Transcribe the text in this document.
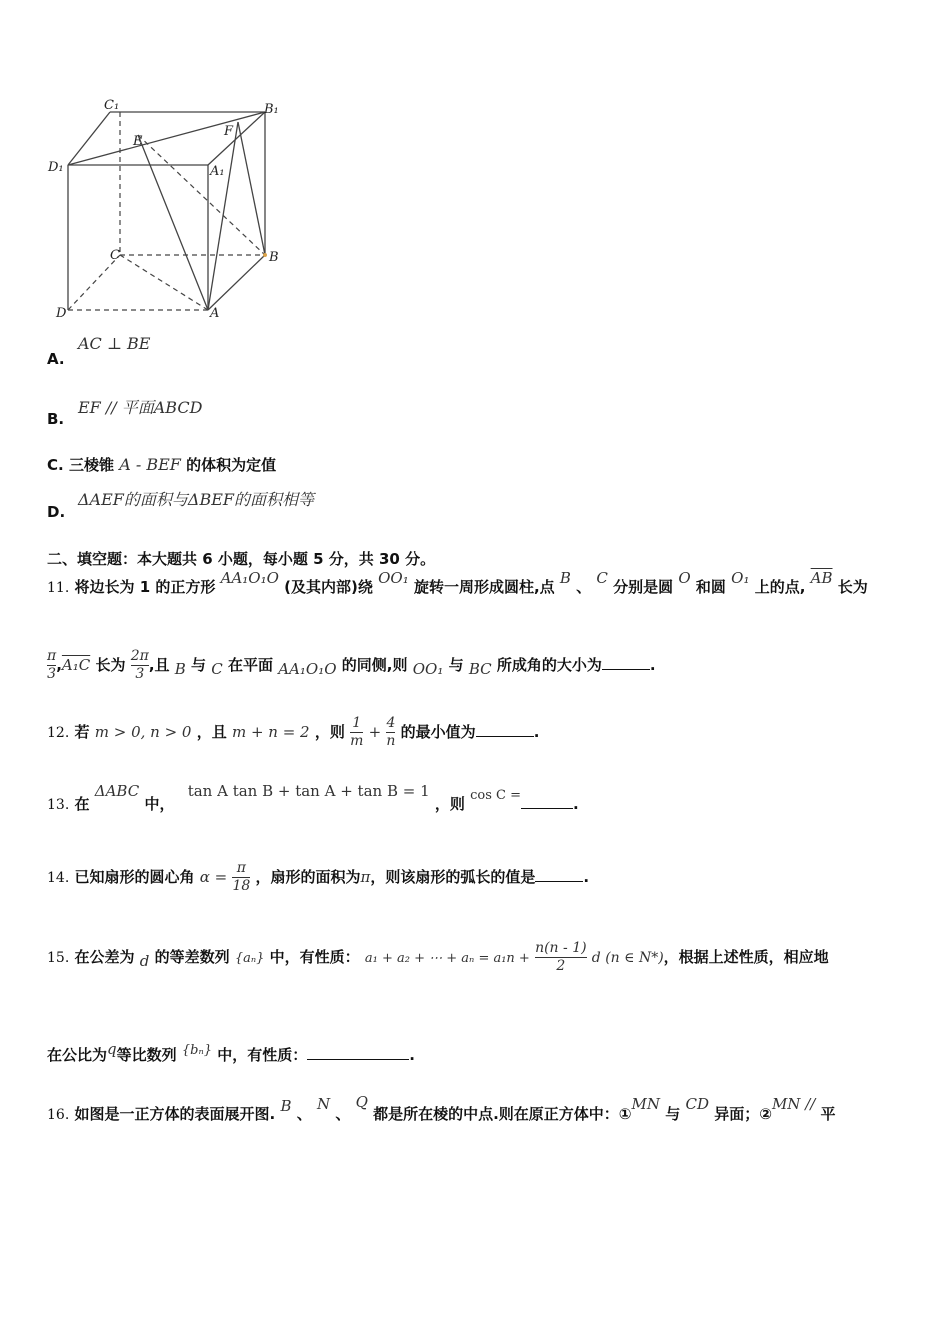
C₁	B₁
D₁	A₁
E
F
C	B
D	A
A.
AC ⊥ BE
B.
EF // 平面ABCD
C. 三棱锥 A - BEF 的体积为定值
D.
ΔAEF的面积与ΔBEF的面积相等
二、填空题：本大题共 6 小题，每小题 5 分，共 30 分。
11. 将边长为 1 的正方形 AA₁O₁O (及其内部)绕 OO₁ 旋转一周形成圆柱,点 B 、 C 分别是圆 O 和圆 O₁ 上的点, $\overline{AB}$ 长为
$\frac{\pi}{3} ,A_1C$ 长为 $\frac{2\pi}{3}$ ,且 B 与 C 在平面 AA₁O₁O 的同侧,则 OO₁ 与 BC 所成角的大小为	.
12. 若 m > 0, n > 0 ，且 m + n = 2 ，则 $\frac{1}{m} + \frac{4}{n}$ 的最小值为	.
13. 在 ΔABC 中， tan A tan B + tan A + tan B = 1 ，则 cos C =	.
14. 已知扇形的圆心角 $\alpha = \frac{\pi}{18}$ ，扇形的面积为π，则该扇形的弧长的值是	.
15. 在公差为 d 的等差数列 {aₙ} 中，有性质： a₁ + a₂ + ⋯ + $a_n = a_1n + \frac{n(n - 1)}{2}$ d (n ∈ N*)，根据上述性质，相应地
在公比为q等比数列 {bₙ} 中，有性质：	.
16. 如图是一正方体的表面展开图. B 、 N 、 Q 都是所在棱的中点.则在原正方体中：①MN 与 CD 异面；②MN // 平
